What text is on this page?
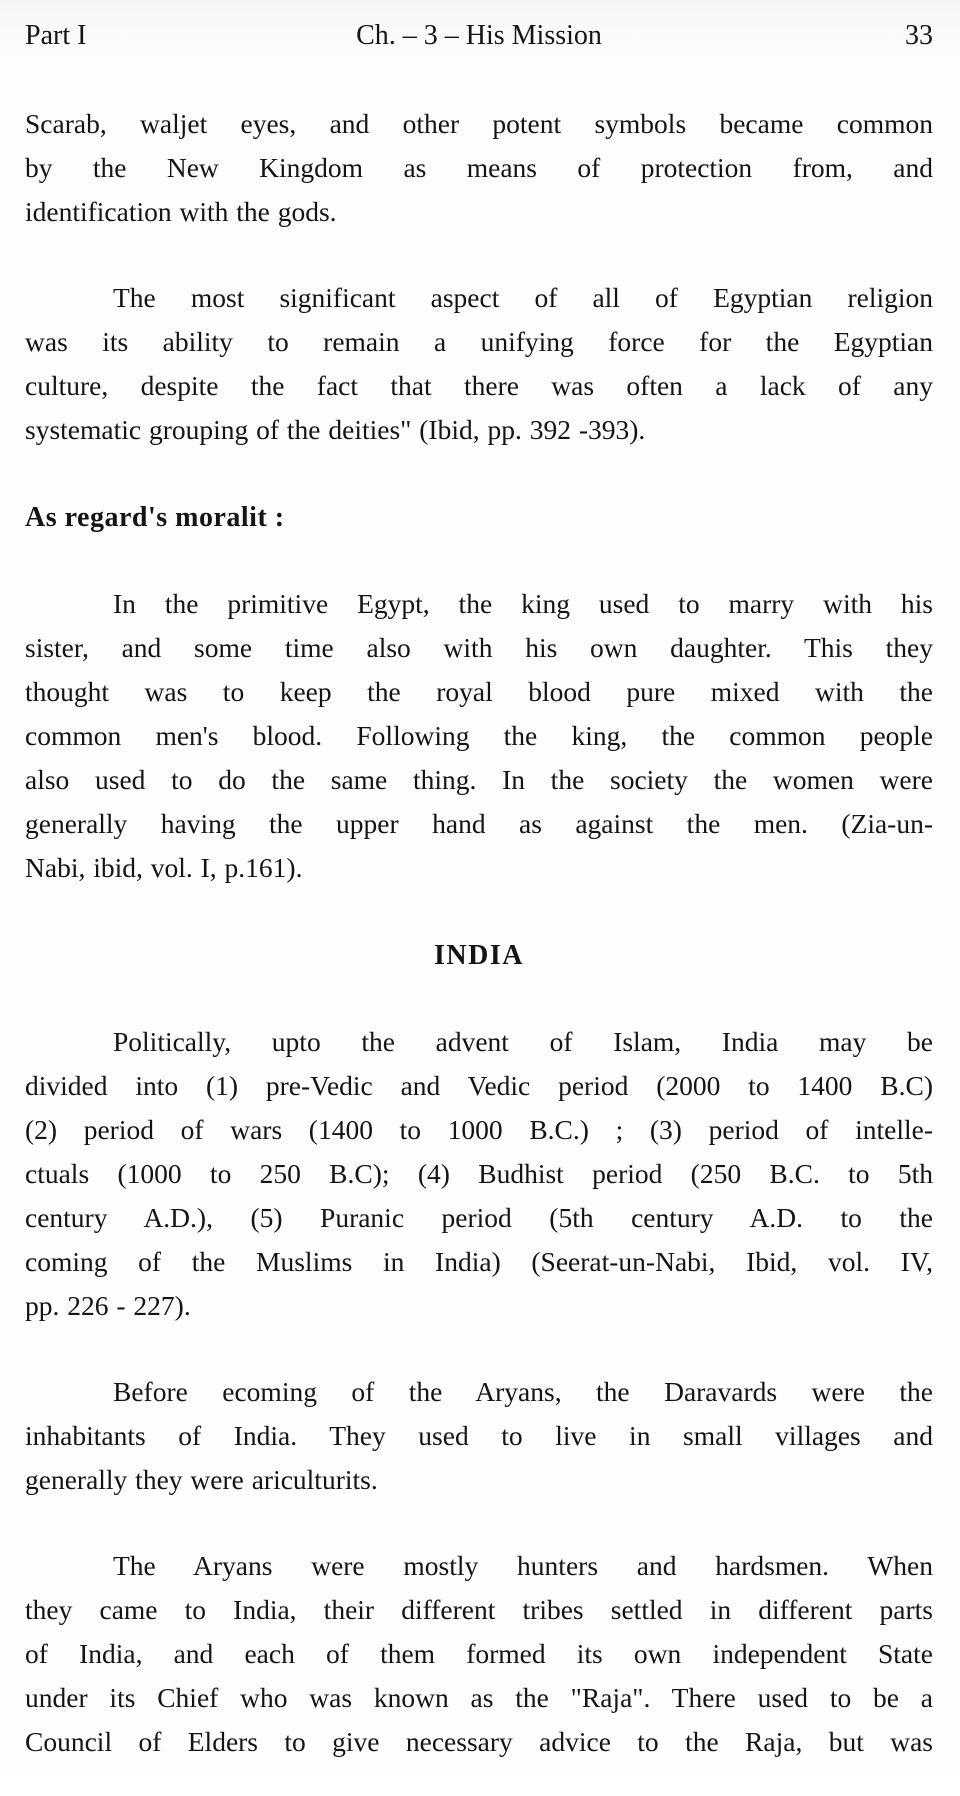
Part I	Ch. – 3 – His Mission	33
Scarab, waljet eyes, and other potent symbols became common
by the New Kingdom as means of protection from, and
identification with the gods.
The most significant aspect of all of Egyptian religion
was its ability to remain a unifying force for the Egyptian
culture, despite the fact that there was often a lack of any
systematic grouping of the deities" (Ibid, pp. 392 -393).
As regard's moralit :
In the primitive Egypt, the king used to marry with his
sister, and some time also with his own daughter. This they
thought was to keep the royal blood pure mixed with the
common men's blood. Following the king, the common people
also used to do the same thing. In the society the women were
generally having the upper hand as against the men. (Zia-un-
Nabi, ibid, vol. I, p.161).
INDIA
Politically, upto the advent of Islam, India may be
divided into (1) pre-Vedic and Vedic period (2000 to 1400 B.C)
(2) period of wars (1400 to 1000 B.C.) ; (3) period of intelle-
ctuals (1000 to 250 B.C); (4) Budhist period (250 B.C. to 5th
century A.D.), (5) Puranic period (5th century A.D. to the
coming of the Muslims in India) (Seerat-un-Nabi, Ibid, vol. IV,
pp. 226 - 227).
Before ecoming of the Aryans, the Daravards were the
inhabitants of India. They used to live in small villages and
generally they were ariculturits.
The Aryans were mostly hunters and hardsmen. When
they came to India, their different tribes settled in different parts
of India, and each of them formed its own independent State
under its Chief who was known as the "Raja". There used to be a
Council of Elders to give necessary advice to the Raja, but was
